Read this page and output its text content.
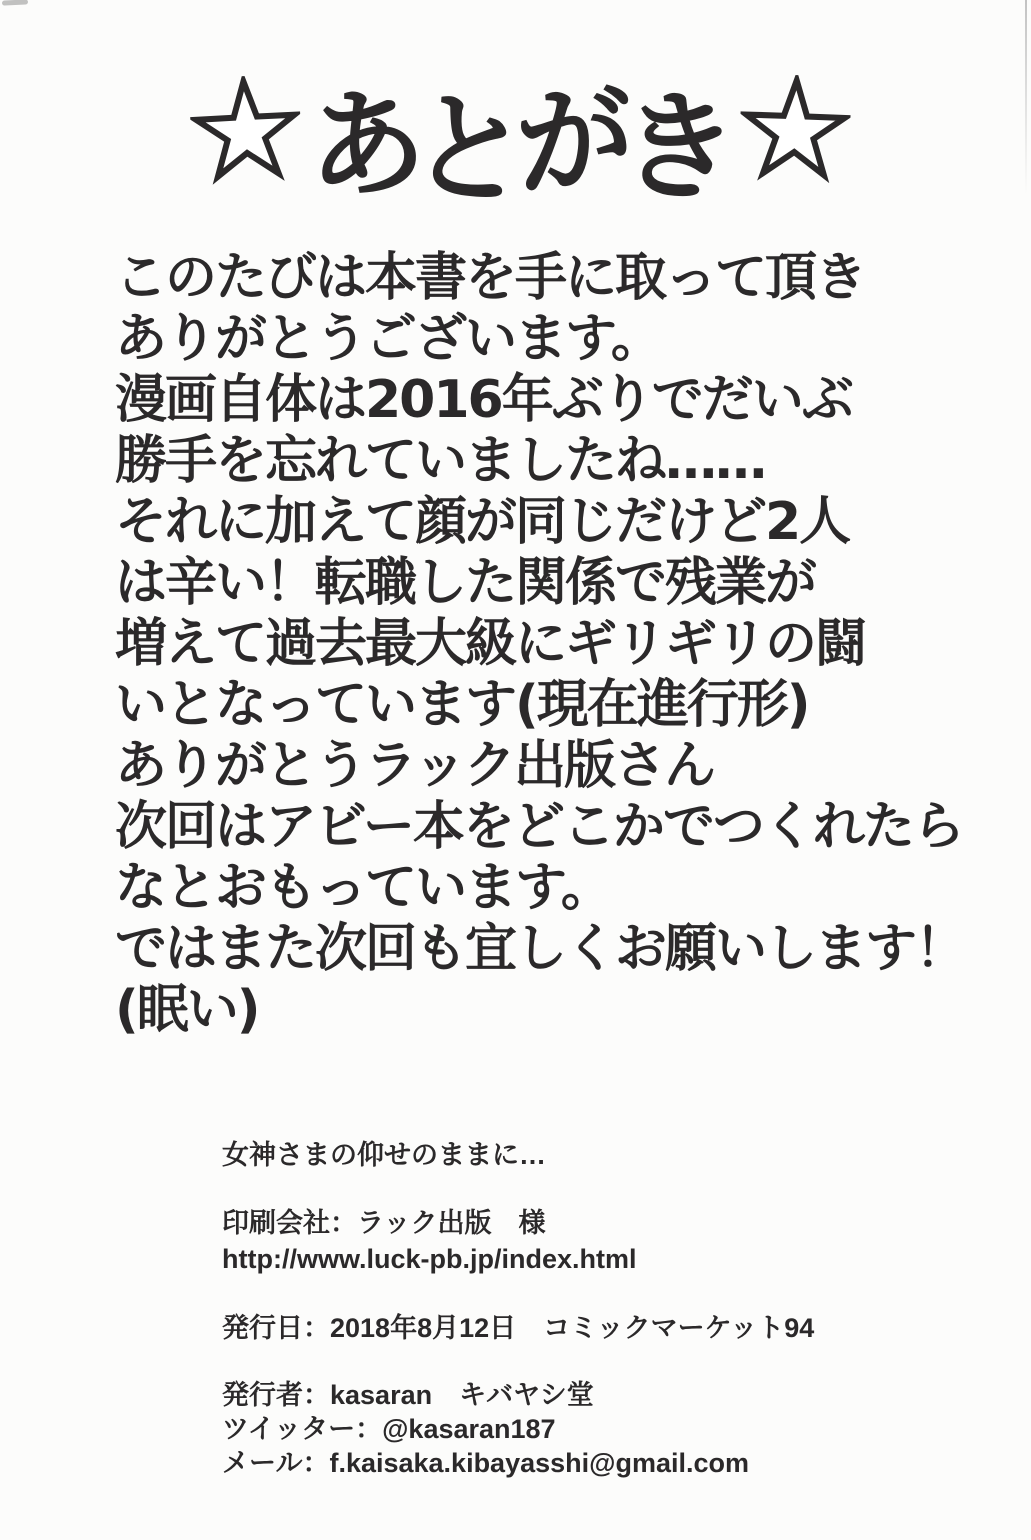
あとがき
このたびは本書を手に取って頂き
ありがとうございます。
漫画自体は2016年ぶりでだいぶ
勝手を忘れていましたね……
それに加えて顔が同じだけど2人
は辛い！転職した関係で残業が
増えて過去最大級にギリギリの闘
いとなっています(現在進行形)
ありがとうラック出版さん
次回はアビー本をどこかでつくれたら
なとおもっています。
ではまた次回も宜しくお願いします！
(眠い)
女神さまの仰せのままに…
印刷会社：ラック出版　様
http://www.luck-pb.jp/index.html
発行日：2018年8月12日　コミックマーケット94
発行者：kasaran　キバヤシ堂
ツイッター：@kasaran187
メール：f.kaisaka.kibayasshi@gmail.com
